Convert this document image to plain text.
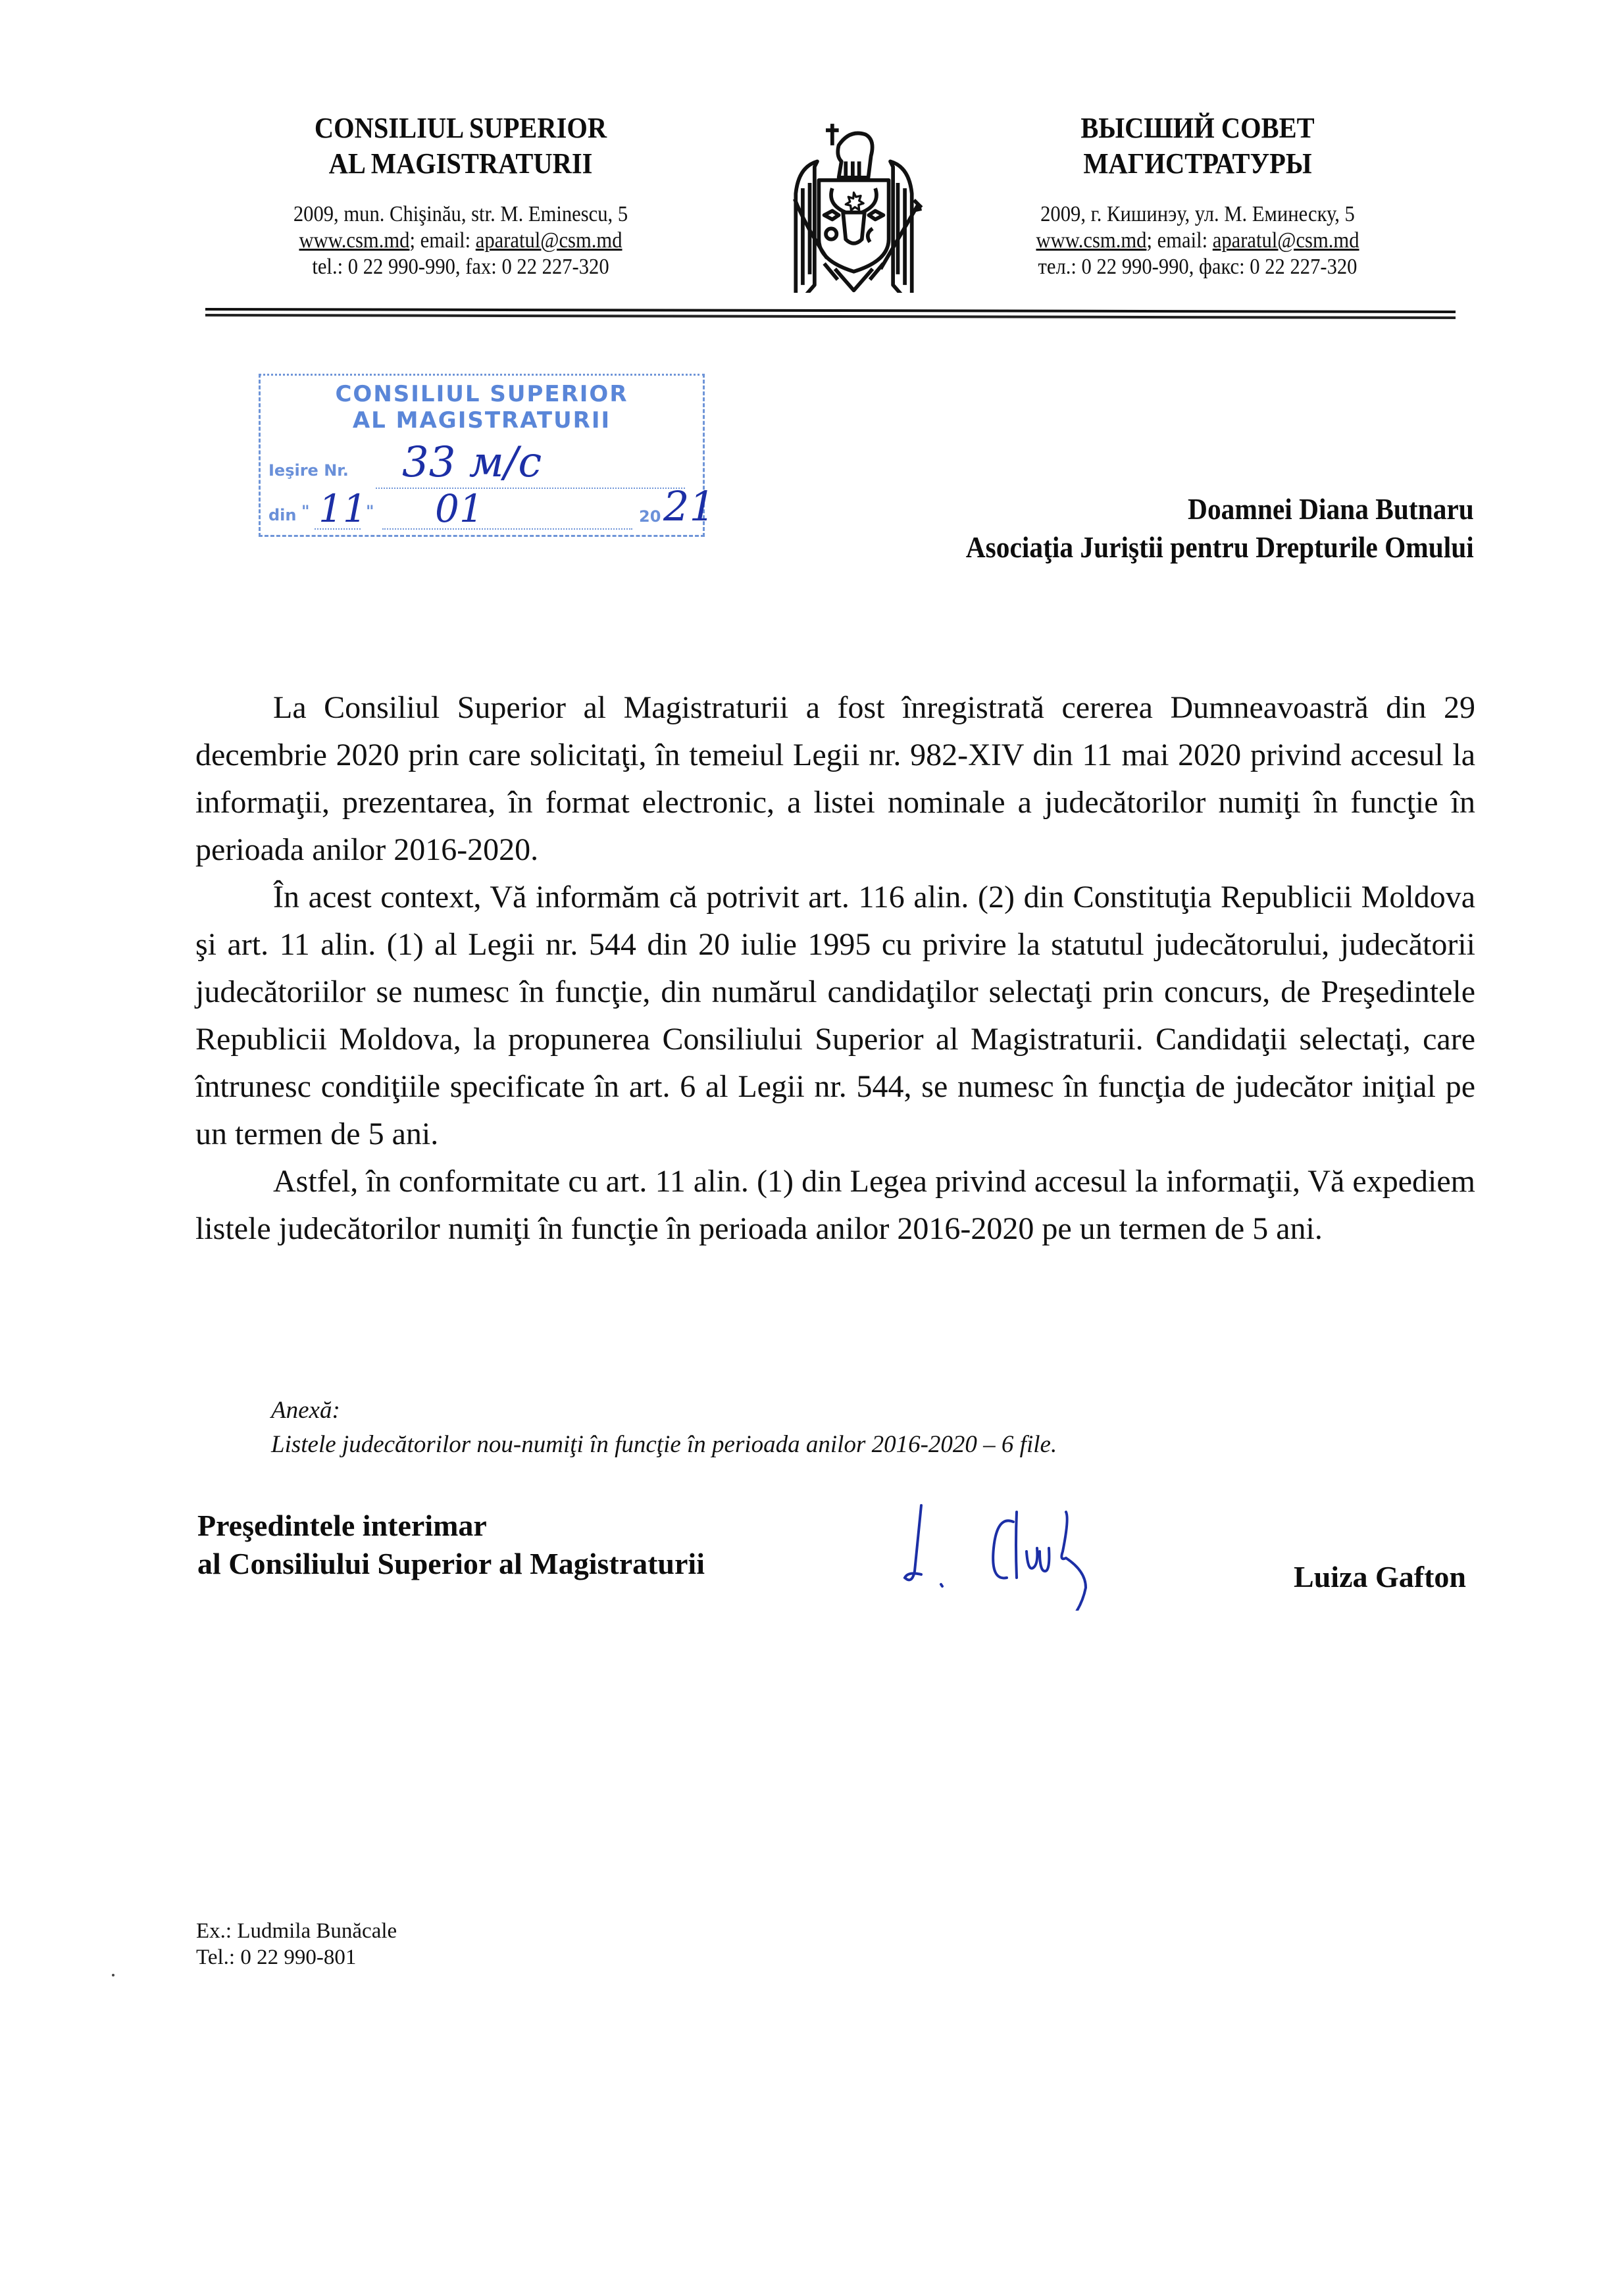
CONSILIUL SUPERIOR
AL MAGISTRATURII
2009, mun. Chişinău, str. M. Eminescu, 5
www.csm.md; email: aparatul@csm.md
tel.: 0 22 990-990, fax: 0 22 227-320
ВЫСШИЙ СОВЕТ
МАГИСТРАТУРЫ
2009, г. Кишинэу, ул. М. Еминеску, 5
www.csm.md; email: aparatul@csm.md
тел.: 0 22 990-990, факс: 0 22 227-320
CONSILIUL SUPERIOR
AL MAGISTRATURII
Ieşire Nr. 33 м/с
din " 11
" 01	20 21	Doamnei Diana Butnaru
Asociaţia Juriştii pentru Drepturile Omului

La Consiliul Superior al Magistraturii a fost înregistrată cererea Dumneavoastră din 29 decembrie 2020 prin care solicitaţi, în temeiul Legii nr. 982-XIV din 11 mai 2020 privind accesul la informaţii, prezentarea, în format electronic, a listei nominale a judecătorilor numiţi în funcţie în perioada anilor 2016-2020.

În acest context, Vă informăm că potrivit art. 116 alin. (2) din Constituţia Republicii Moldova şi art. 11 alin. (1) al Legii nr. 544 din 20 iulie 1995 cu privire la statutul judecătorului, judecătorii judecătoriilor se numesc în funcţie, din numărul candidaţilor selectaţi prin concurs, de Preşedintele Republicii Moldova, la propunerea Consiliului Superior al Magistraturii. Candidaţii selectaţi, care întrunesc condiţiile specificate în art. 6 al Legii nr. 544, se numesc în funcţia de judecător iniţial pe un termen de 5 ani.

Astfel, în conformitate cu art. 11 alin. (1) din Legea privind accesul la informaţii, Vă expediem listele judecătorilor numiţi în funcţie în perioada anilor 2016-2020 pe un termen de 5 ani.

Anexă:
Listele judecătorilor nou-numiţi în funcţie în perioada anilor 2016-2020 – 6 file.
Preşedintele interimar
al Consiliului Superior al Magistraturii	Luiza Gafton
Ex.: Ludmila Bunăcale
Tel.: 0 22 990-801
